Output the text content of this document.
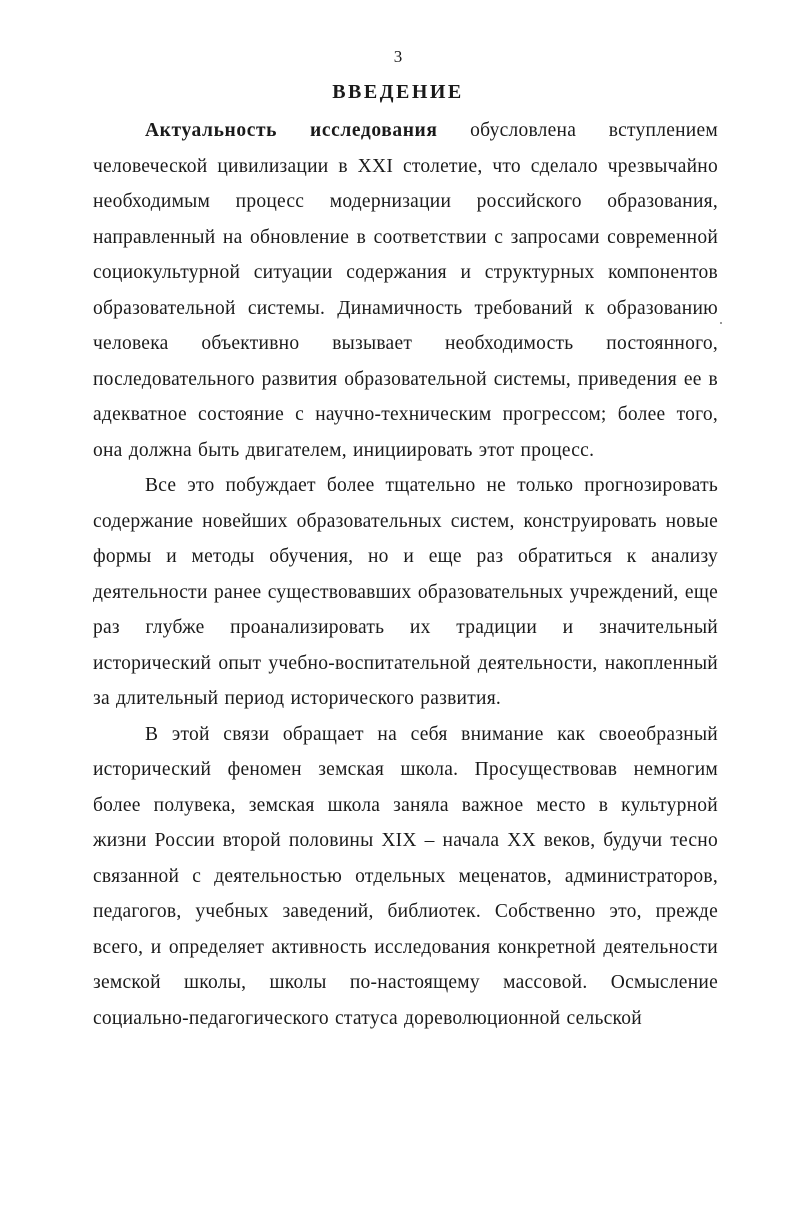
3
ВВЕДЕНИЕ

Актуальность исследования обусловлена вступлением человеческой цивилизации в XXI столетие, что сделало чрезвычайно необходимым процесс модернизации российского образования, направленный на обновление в соответствии с запросами современной социокультурной ситуации содержания и структурных компонентов образовательной системы. Динамичность требований к образованию человека объективно вызывает необходимость постоянного, последовательного развития образовательной системы, приведения ее в адекватное состояние с научно-техническим прогрессом; более того, она должна быть двигателем, инициировать этот процесс.

Все это побуждает более тщательно не только прогнозировать содержание новейших образовательных систем, конструировать новые формы и методы обучения, но и еще раз обратиться к анализу деятельности ранее существовавших образовательных учреждений, еще раз глубже проанализировать их традиции и значительный исторический опыт учебно-воспитательной деятельности, накопленный за длительный период исторического развития.

В этой связи обращает на себя внимание как своеобразный исторический феномен земская школа. Просуществовав немногим более полувека, земская школа заняла важное место в культурной жизни России второй половины XIX – начала XX веков, будучи тесно связанной с деятельностью отдельных меценатов, администраторов, педагогов, учебных заведений, библиотек. Собственно это, прежде всего, и определяет активность исследования конкретной деятельности земской школы, школы по-настоящему массовой. Осмысление социально-педагогического статуса дореволюционной сельской
